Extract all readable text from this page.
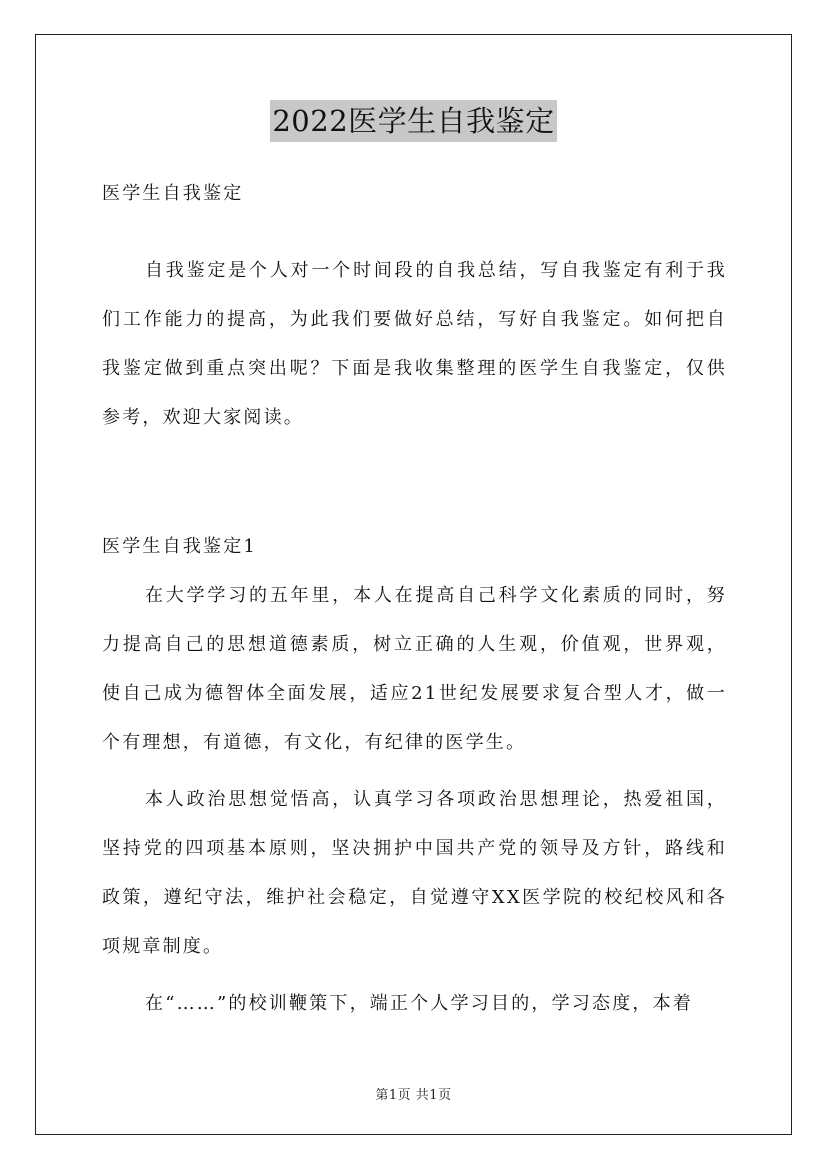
2022医学生自我鉴定
医学生自我鉴定

自我鉴定是个人对一个时间段的自我总结，写自我鉴定有利于我们工作能力的提高，为此我们要做好总结，写好自我鉴定。如何把自我鉴定做到重点突出呢？下面是我收集整理的医学生自我鉴定，仅供参考，欢迎大家阅读。

医学生自我鉴定1

在大学学习的五年里，本人在提高自己科学文化素质的同时，努力提高自己的思想道德素质，树立正确的人生观，价值观，世界观，使自己成为德智体全面发展，适应21世纪发展要求复合型人才，做一个有理想，有道德，有文化，有纪律的医学生。

本人政治思想觉悟高，认真学习各项政治思想理论，热爱祖国，坚持党的四项基本原则，坚决拥护中国共产党的领导及方针，路线和政策，遵纪守法，维护社会稳定，自觉遵守XX医学院的校纪校风和各项规章制度。

在“……”的校训鞭策下，端正个人学习目的，学习态度，本着

第1页 共1页
